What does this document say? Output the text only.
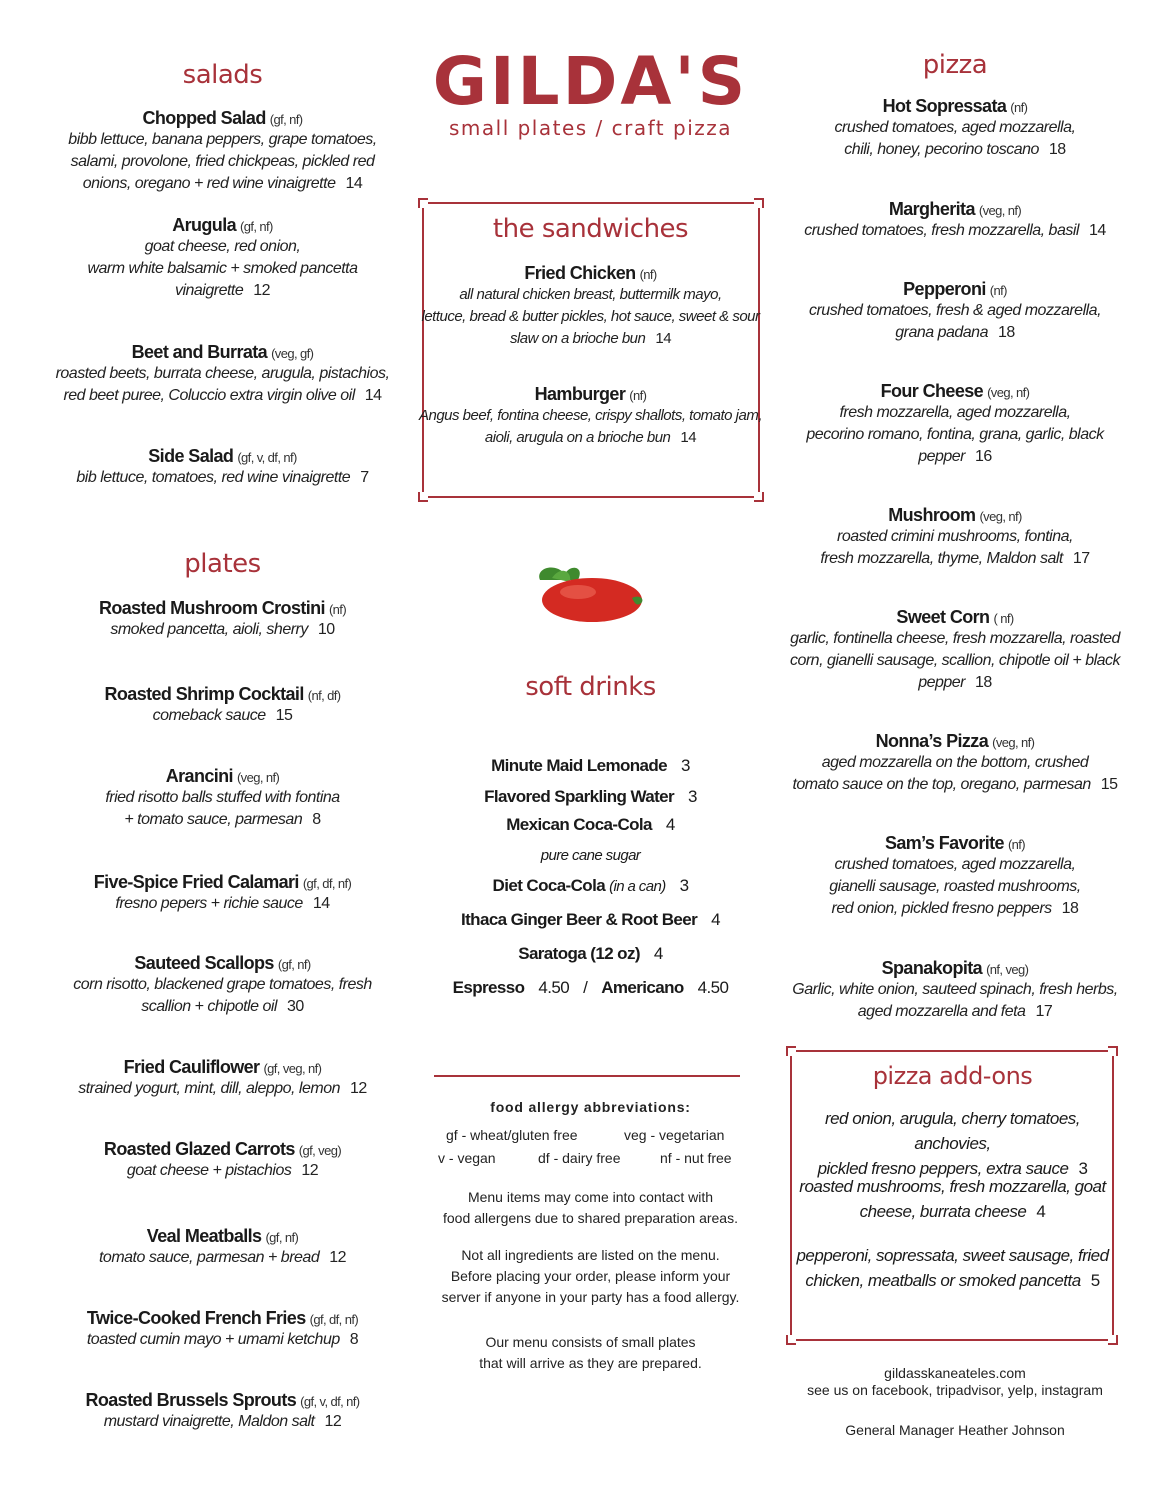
salads
Chopped Salad (gf, nf)
bibb lettuce, banana peppers, grape tomatoes,
salami, provolone, fried chickpeas, pickled red
onions, oregano + red wine vinaigrette 14
Arugula (gf, nf)
goat cheese, red onion,
warm white balsamic + smoked pancetta
vinaigrette 12
Beet and Burrata (veg, gf)
roasted beets, burrata cheese, arugula, pistachios,
red beet puree, Coluccio extra virgin olive oil 14
Side Salad (gf, v, df, nf)
bib lettuce, tomatoes, red wine vinaigrette 7
plates
Roasted Mushroom Crostini (nf)
smoked pancetta, aioli, sherry 10
Roasted Shrimp Cocktail (nf, df)
comeback sauce 15
Arancini (veg, nf)
fried risotto balls stuffed with fontina
+ tomato sauce, parmesan 8
Five-Spice Fried Calamari (gf, df, nf)
fresno pepers + richie sauce 14
Sauteed Scallops (gf, nf)
corn risotto, blackened grape tomatoes, fresh
scallion + chipotle oil 30
Fried Cauliflower (gf, veg, nf)
strained yogurt, mint, dill, aleppo, lemon 12
Roasted Glazed Carrots (gf, veg)
goat cheese + pistachios 12
Veal Meatballs (gf, nf)
tomato sauce, parmesan + bread 12
Twice-Cooked French Fries (gf, df, nf)
toasted cumin mayo + umami ketchup 8
Roasted Brussels Sprouts (gf, v, df, nf)
mustard vinaigrette, Maldon salt 12
GILDA'S
small plates / craft pizza
the sandwiches
Fried Chicken (nf)
all natural chicken breast, buttermilk mayo,
lettuce, bread & butter pickles, hot sauce, sweet & sour
slaw on a brioche bun 14
Hamburger (nf)
Angus beef, fontina cheese, crispy shallots, tomato jam,
aioli, arugula on a brioche bun 14
soft drinks
Minute Maid Lemonade 3
Flavored Sparkling Water 3
Mexican Coca-Cola 4
pure cane sugar
Diet Coca-Cola (in a can) 3
Ithaca Ginger Beer & Root Beer 4
Saratoga (12 oz) 4
Espresso 4.50 / Americano 4.50
food allergy abbreviations:
gf - wheat/gluten free	veg - vegetarian
v - vegan	df - dairy free	nf - nut free
Menu items may come into contact with
food allergens due to shared preparation areas.
Not all ingredients are listed on the menu.
Before placing your order, please inform your
server if anyone in your party has a food allergy.
Our menu consists of small plates
that will arrive as they are prepared.
pizza
Hot Sopressata (nf)
crushed tomatoes, aged mozzarella,
chili, honey, pecorino toscano 18
Margherita (veg, nf)
crushed tomatoes, fresh mozzarella, basil 14
Pepperoni (nf)
crushed tomatoes, fresh & aged mozzarella,
grana padana 18
Four Cheese (veg, nf)
fresh mozzarella, aged mozzarella,
pecorino romano, fontina, grana, garlic, black
pepper 16
Mushroom (veg, nf)
roasted crimini mushrooms, fontina,
fresh mozzarella, thyme, Maldon salt 17
Sweet Corn ( nf)
garlic, fontinella cheese, fresh mozzarella, roasted
corn, gianelli sausage, scallion, chipotle oil + black
pepper 18
Nonna’s Pizza (veg, nf)
aged mozzarella on the bottom, crushed
tomato sauce on the top, oregano, parmesan 15
Sam’s Favorite (nf)
crushed tomatoes, aged mozzarella,
gianelli sausage, roasted mushrooms,
red onion, pickled fresno peppers 18
Spanakopita (nf, veg)
Garlic, white onion, sauteed spinach, fresh herbs,
aged mozzarella and feta 17
pizza add-ons
red onion, arugula, cherry tomatoes, anchovies,
pickled fresno peppers, extra sauce 3
roasted mushrooms, fresh mozzarella, goat
cheese, burrata cheese 4
pepperoni, sopressata, sweet sausage, fried
chicken, meatballs or smoked pancetta 5
gildasskaneateles.com
see us on facebook, tripadvisor, yelp, instagram
General Manager Heather Johnson
